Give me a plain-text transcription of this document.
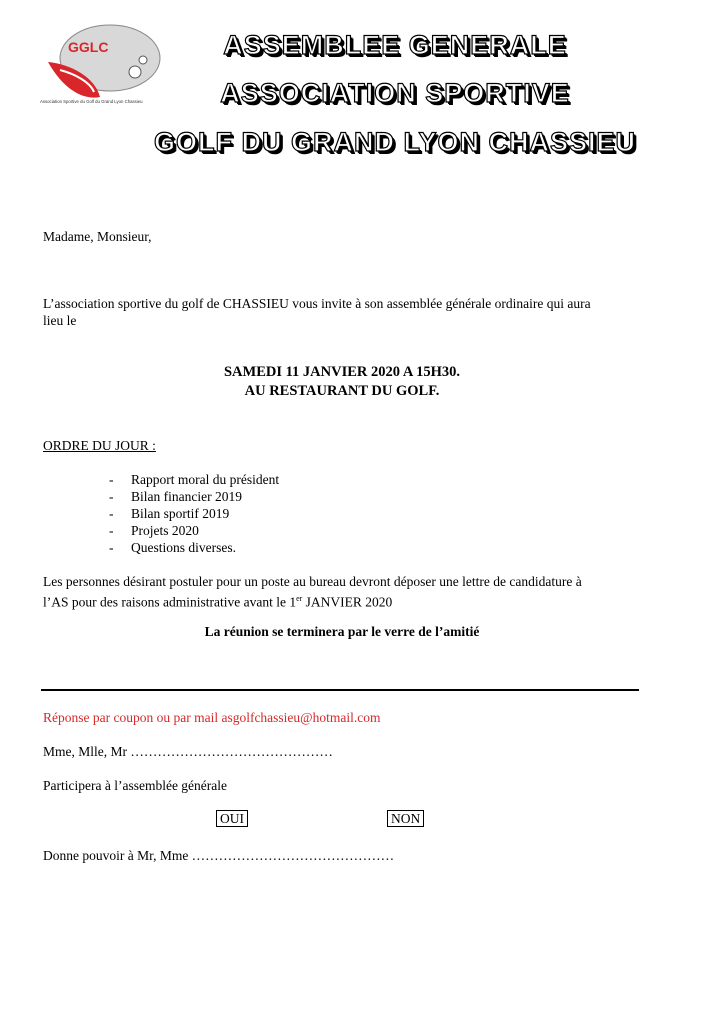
GGLC
Association Sportive du Golf du Grand Lyon Chassieu
ASSEMBLEE GENERALE
ASSOCIATION SPORTIVE
GOLF DU GRAND LYON CHASSIEU
Madame, Monsieur,
L’association sportive du golf de CHASSIEU vous invite à son assemblée générale ordinaire qui aura
lieu le
SAMEDI 11 JANVIER 2020 A 15H30.
AU RESTAURANT DU GOLF.
ORDRE DU JOUR :
- Rapport moral du président
- Bilan financier 2019
- Bilan sportif 2019
- Projets 2020
- Questions diverses.
Les personnes désirant postuler pour un poste au bureau devront déposer une lettre de candidature à
l’AS pour des raisons administrative avant le 1er JANVIER 2020
La réunion se terminera par le verre de l’amitié
Réponse par coupon ou par mail asgolfchassieu@hotmail.com
Mme, Mlle, Mr ………………………………………
Participera à l’assemblée générale
OUI	NON
Donne pouvoir à Mr, Mme ………………………………………
